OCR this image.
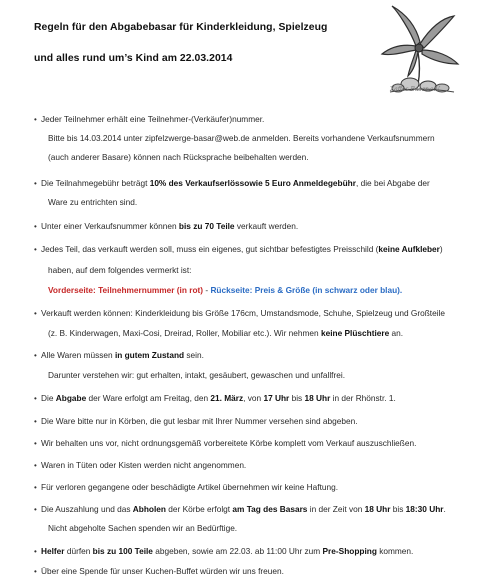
Regeln für den Abgabebasar für Kinderkleidung, Spielzeug
und alles rund um’s Kind am 22.03.2014
Zaffes Basar e.V.
• Jeder Teilnehmer erhält eine Teilnehmer-(Verkäufer)nummer.
Bitte bis 14.03.2014 unter zipfelzwerge-basar@web.de anmelden. Bereits vorhandene Verkaufsnummern
(auch anderer Basare) können nach Rücksprache beibehalten werden.
• Die Teilnahmegebühr beträgt 10% des Verkaufserlössowie 5 Euro Anmeldegebühr, die bei Abgabe der
Ware zu entrichten sind.
• Unter einer Verkaufsnummer können bis zu 70 Teile verkauft werden.
• Jedes Teil, das verkauft werden soll, muss ein eigenes, gut sichtbar befestigtes Preisschild (keine Aufkleber)
haben, auf dem folgendes vermerkt ist:
Vorderseite: Teilnehmernummer (in rot) - Rückseite: Preis & Größe (in schwarz oder blau).
• Verkauft werden können: Kinderkleidung bis Größe 176cm, Umstandsmode, Schuhe, Spielzeug und Großteile
(z. B. Kinderwagen, Maxi-Cosi, Dreirad, Roller, Mobiliar etc.). Wir nehmen keine Plüschtiere an.
• Alle Waren müssen in gutem Zustand sein.
Darunter verstehen wir: gut erhalten, intakt, gesäubert, gewaschen und unfallfrei.
• Die Abgabe der Ware erfolgt am Freitag, den 21. März, von 17 Uhr bis 18 Uhr in der Rhönstr. 1.
• Die Ware bitte nur in Körben, die gut lesbar mit Ihrer Nummer versehen sind abgeben.
• Wir behalten uns vor, nicht ordnungsgemäß vorbereitete Körbe komplett vom Verkauf auszuschließen.
• Waren in Tüten oder Kisten werden nicht angenommen.
• Für verloren gegangene oder beschädigte Artikel übernehmen wir keine Haftung.
• Die Auszahlung und das Abholen der Körbe erfolgt am Tag des Basars in der Zeit von 18 Uhr bis 18:30 Uhr.
Nicht abgeholte Sachen spenden wir an Bedürftige.
• Helfer dürfen bis zu 100 Teile abgeben, sowie am 22.03. ab 11:00 Uhr zum Pre-Shopping kommen.
• Über eine Spende für unser Kuchen-Buffet würden wir uns freuen.
